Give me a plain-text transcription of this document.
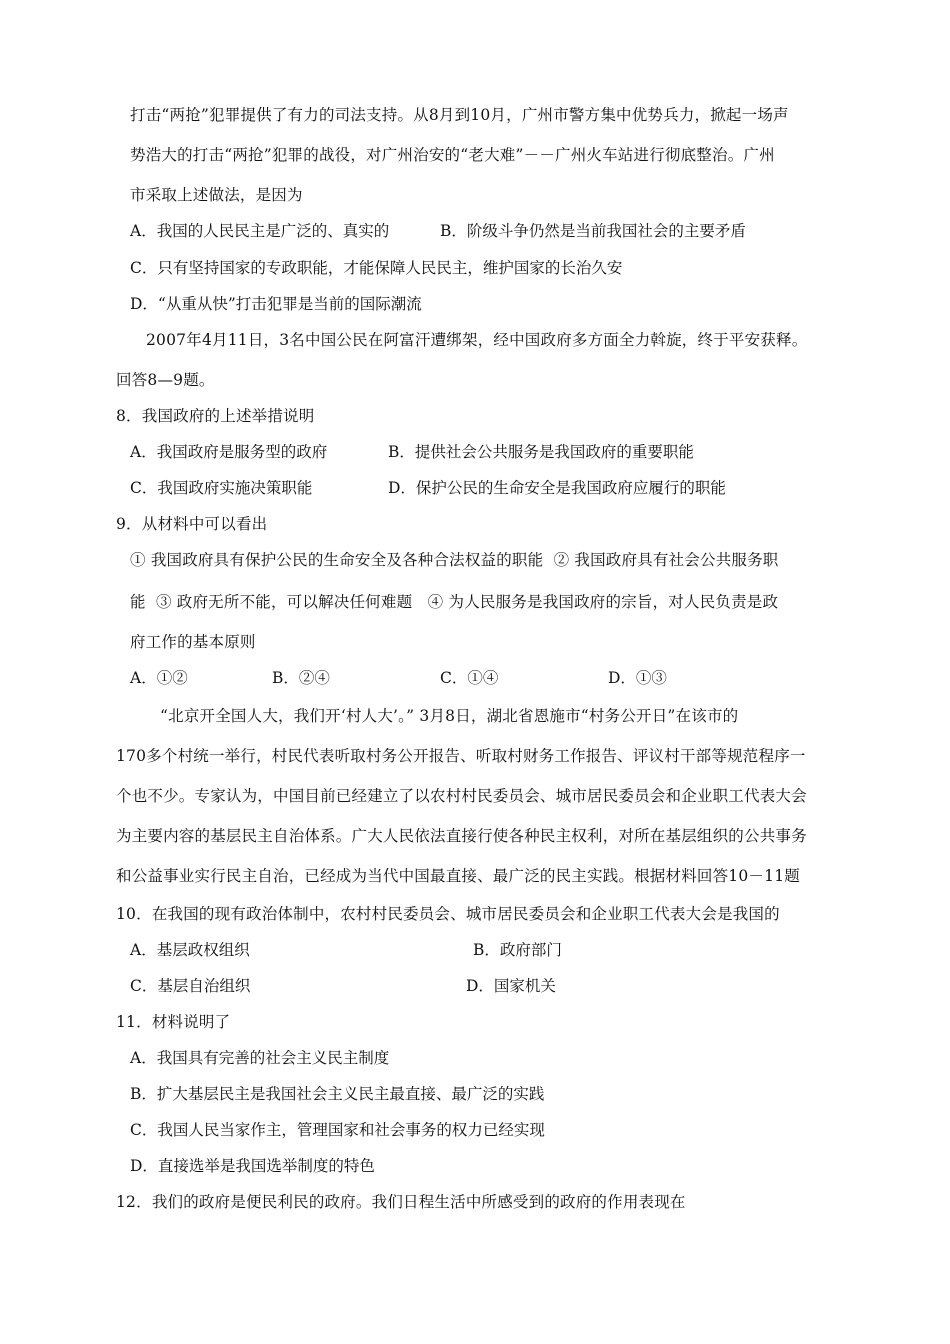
打击“两抢”犯罪提供了有力的司法支持。从8月到10月，广州市警方集中优势兵力，掀起一场声
势浩大的打击“两抢”犯罪的战役，对广州治安的“老大难”－－广州火车站进行彻底整治。广州
市采取上述做法，是因为
A．我国的人民民主是广泛的、真实的	B．阶级斗争仍然是当前我国社会的主要矛盾
C．只有坚持国家的专政职能，才能保障人民民主，维护国家的长治久安
D．“从重从快”打击犯罪是当前的国际潮流
2007年4月11日，3名中国公民在阿富汗遭绑架，经中国政府多方面全力斡旋，终于平安获释。
回答8—9题。
8．我国政府的上述举措说明
A．我国政府是服务型的政府	B．提供社会公共服务是我国政府的重要职能
C．我国政府实施决策职能	D．保护公民的生命安全是我国政府应履行的职能
9．从材料中可以看出
① 我国政府具有保护公民的生命安全及各种合法权益的职能  ② 我国政府具有社会公共服务职
能  ③ 政府无所不能，可以解决任何难题   ④ 为人民服务是我国政府的宗旨，对人民负责是政
府工作的基本原则
A．①②	B．②④	C．①④	D．①③
“北京开全国人大，我们开‘村人大’。” 3月8日，湖北省恩施市“村务公开日”在该市的
170多个村统一举行，村民代表听取村务公开报告、听取村财务工作报告、评议村干部等规范程序一
个也不少。专家认为，中国目前已经建立了以农村村民委员会、城市居民委员会和企业职工代表大会
为主要内容的基层民主自治体系。广大人民依法直接行使各种民主权利，对所在基层组织的公共事务
和公益事业实行民主自治，已经成为当代中国最直接、最广泛的民主实践。根据材料回答10－11题
10．在我国的现有政治体制中，农村村民委员会、城市居民委员会和企业职工代表大会是我国的
A．基层政权组织	B．政府部门
C．基层自治组织	D．国家机关
11．材料说明了
A．我国具有完善的社会主义民主制度
B．扩大基层民主是我国社会主义民主最直接、最广泛的实践
C．我国人民当家作主，管理国家和社会事务的权力已经实现
D．直接选举是我国选举制度的特色
12．我们的政府是便民利民的政府。我们日程生活中所感受到的政府的作用表现在
